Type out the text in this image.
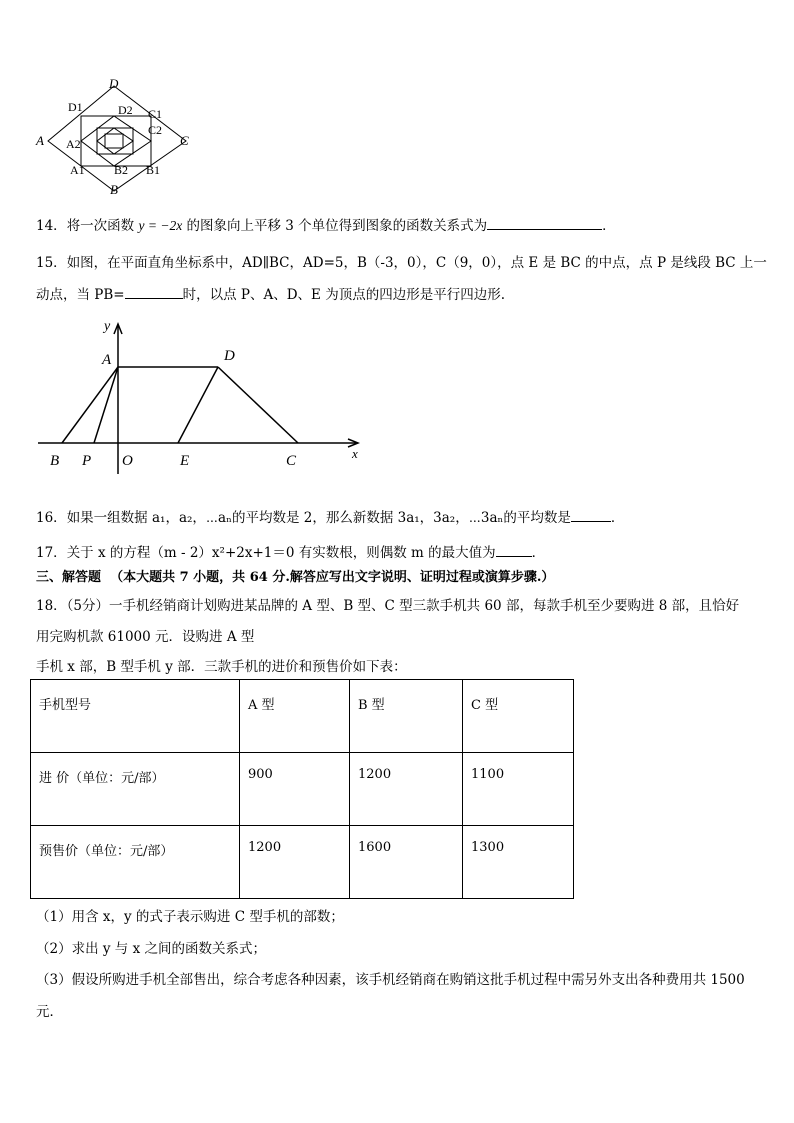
D
D1	D2 C1
C2
C
A A2
A1 B2 B1
B
14．将一次函数 y = −2x 的图象向上平移 3 个单位得到图象的函数关系式为	．
15．如图，在平面直角坐标系中，AD∥BC，AD=5，B（-3，0），C（9，0），点 E 是 BC 的中点，点 P 是线段 BC 上一
动点，当 PB=	时，以点 P、A、D、E 为顶点的四边形是平行四边形.
y
A	D
B P O	E	C	x
16．如果一组数据 a₁，a₂，⋯aₙ的平均数是 2，那么新数据 3a₁，3a₂，⋯3aₙ的平均数是	．
17．关于 x 的方程（m - 2）x²+2x+1＝0 有实数根，则偶数 m 的最大值为	．
三、解答题 （本大题共 7 小题，共 64 分.解答应写出文字说明、证明过程或演算步骤.）
18．（5分）一手机经销商计划购进某品牌的 A 型、B 型、C 型三款手机共 60 部，每款手机至少要购进 8 部，且恰好
用完购机款 61000 元．设购进 A 型
手机 x 部，B 型手机 y 部．三款手机的进价和预售价如下表：
手机型号	A 型	B 型	C 型
进 价（单位：元/部）	900	1200	1100
预售价（单位：元/部）	1200	1600	1300
（1）用含 x，y 的式子表示购进 C 型手机的部数；
（2）求出 y 与 x 之间的函数关系式；
（3）假设所购进手机全部售出，综合考虑各种因素，该手机经销商在购销这批手机过程中需另外支出各种费用共 1500
元．
